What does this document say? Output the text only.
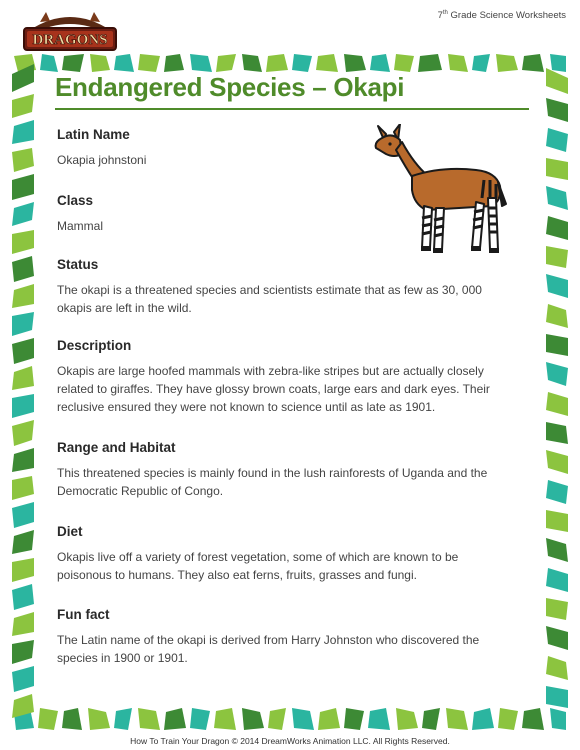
7th Grade Science Worksheets
DRAGONS
Endangered Species – Okapi
Latin Name

Okapia johnstoni

Class

Mammal

Status

The okapi is a threatened species and scientists estimate that as few as 30, 000 okapis are left in the wild.

Description

Okapis are large hoofed mammals with zebra-like stripes but are actually closely related to giraffes. They have glossy brown coats, large ears and dark eyes. Their reclusive ensured they were not known to science until as late as 1901.

Range and Habitat

This threatened species is mainly found in the lush rainforests of Uganda and the Democratic Republic of Congo.

Diet

Okapis live off a variety of forest vegetation, some of which are known to be poisonous to humans. They also eat ferns, fruits, grasses and fungi.

Fun fact

The Latin name of the okapi is derived from Harry Johnston who discovered the species in 1900 or 1901.

How To Train Your Dragon © 2014 DreamWorks Animation LLC. All Rights Reserved.
